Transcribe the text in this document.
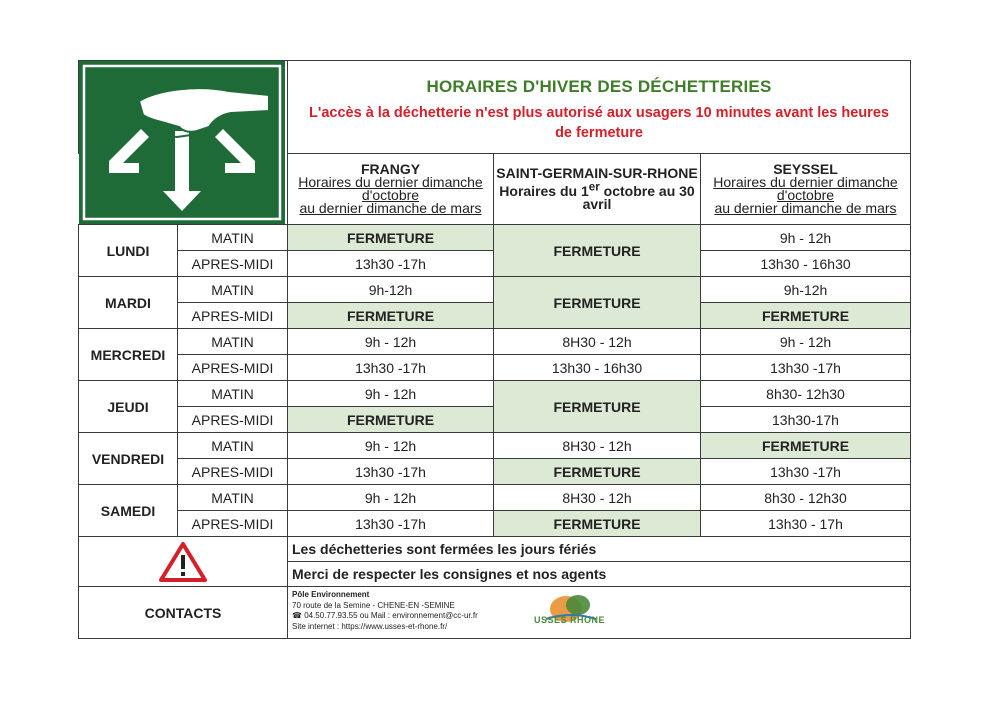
HORAIRES D'HIVER DES DÉCHETTERIES
L'accès à la déchetterie n'est plus autorisé aux usagers 10 minutes avant les heures de fermeture

		FRANGY
Horaires du dernier dimanche d'octobre
au dernier dimanche de mars	SAINT-GERMAIN-SUR-RHONE
Horaires du 1er octobre au 30 avril	SEYSSEL
Horaires du dernier dimanche d'octobre
au dernier dimanche de mars
LUNDI	MATIN	FERMETURE	FERMETURE	9h - 12h
	APRES-MIDI	13h30 -17h		13h30 - 16h30
MARDI	MATIN	9h-12h	FERMETURE	9h-12h
	APRES-MIDI	FERMETURE		FERMETURE
MERCREDI	MATIN	9h - 12h	8H30 - 12h	9h - 12h
	APRES-MIDI	13h30 -17h	13h30 - 16h30	13h30 -17h
JEUDI	MATIN	9h - 12h	FERMETURE	8h30- 12h30
	APRES-MIDI	FERMETURE		13h30-17h
VENDREDI	MATIN	9h - 12h	8H30 - 12h	FERMETURE
	APRES-MIDI	13h30 -17h	FERMETURE	13h30 -17h
SAMEDI	MATIN	9h - 12h	8H30 - 12h	8h30 - 12h30
	APRES-MIDI	13h30 -17h	FERMETURE	13h30 - 17h

	Les déchetteries sont fermées les jours fériés		
		Merci de respecter les consignes et nos agents		
CONTACTS		Pôle Environnement
70 route de la Semine - CHENE-EN -SEMINE
☎ 04.50.77.93.55 ou Mail : environnement@cc-ur.fr
Site internet : https://www.usses-et-rhone.fr/
USSES RHONE		
